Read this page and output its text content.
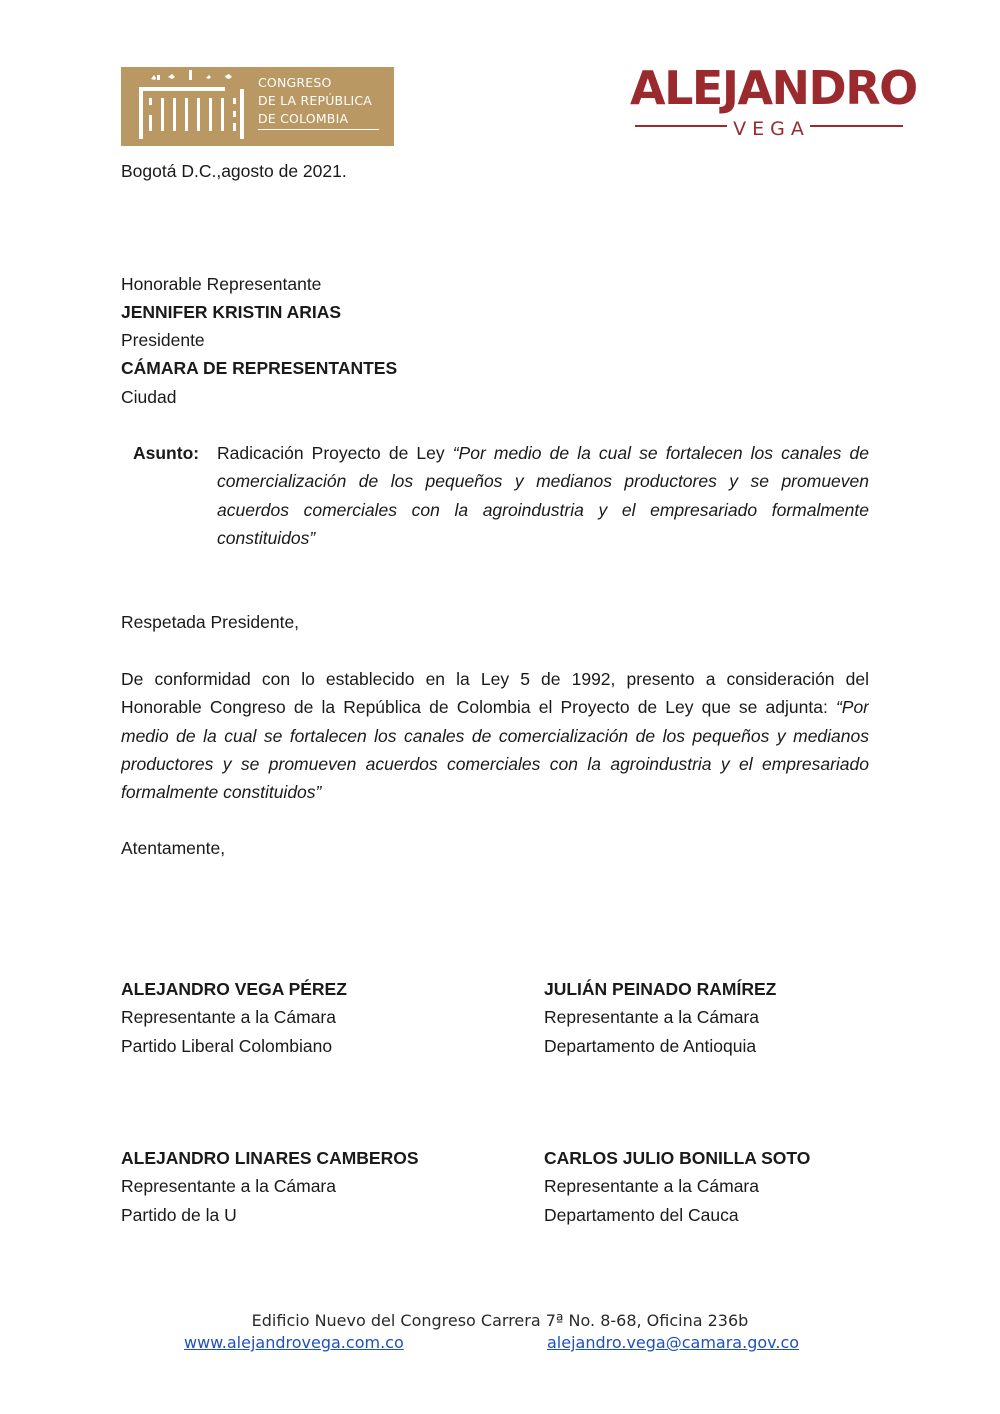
CONGRESO
DE LA REPÚBLICA
DE COLOMBIA
ALEJANDRO
VEGA
Bogotá D.C.,agosto de 2021.
Honorable Representante
JENNIFER KRISTIN ARIAS
Presidente
CÁMARA DE REPRESENTANTES
Ciudad
Asunto: Radicación Proyecto de Ley “Por medio de la cual se fortalecen los canales de
comercialización de los pequeños y medianos productores y se promueven
acuerdos comerciales con la agroindustria y el empresariado formalmente
constituidos”
Respetada Presidente,
De conformidad con lo establecido en la Ley 5 de 1992, presento a consideración del
Honorable Congreso de la República de Colombia el Proyecto de Ley que se adjunta: “Por
medio de la cual se fortalecen los canales de comercialización de los pequeños y medianos
productores y se promueven acuerdos comerciales con la agroindustria y el empresariado
formalmente constituidos”
Atentamente,
ALEJANDRO VEGA PÉREZ
Representante a la Cámara
Partido Liberal Colombiano
JULIÁN PEINADO RAMÍREZ
Representante a la Cámara
Departamento de Antioquia
ALEJANDRO LINARES CAMBEROS
Representante a la Cámara
Partido de la U
CARLOS JULIO BONILLA SOTO
Representante a la Cámara
Departamento del Cauca
Edificio Nuevo del Congreso Carrera 7ª No. 8-68, Oficina 236b
www.alejandrovega.com.co	alejandro.vega@camara.gov.co
